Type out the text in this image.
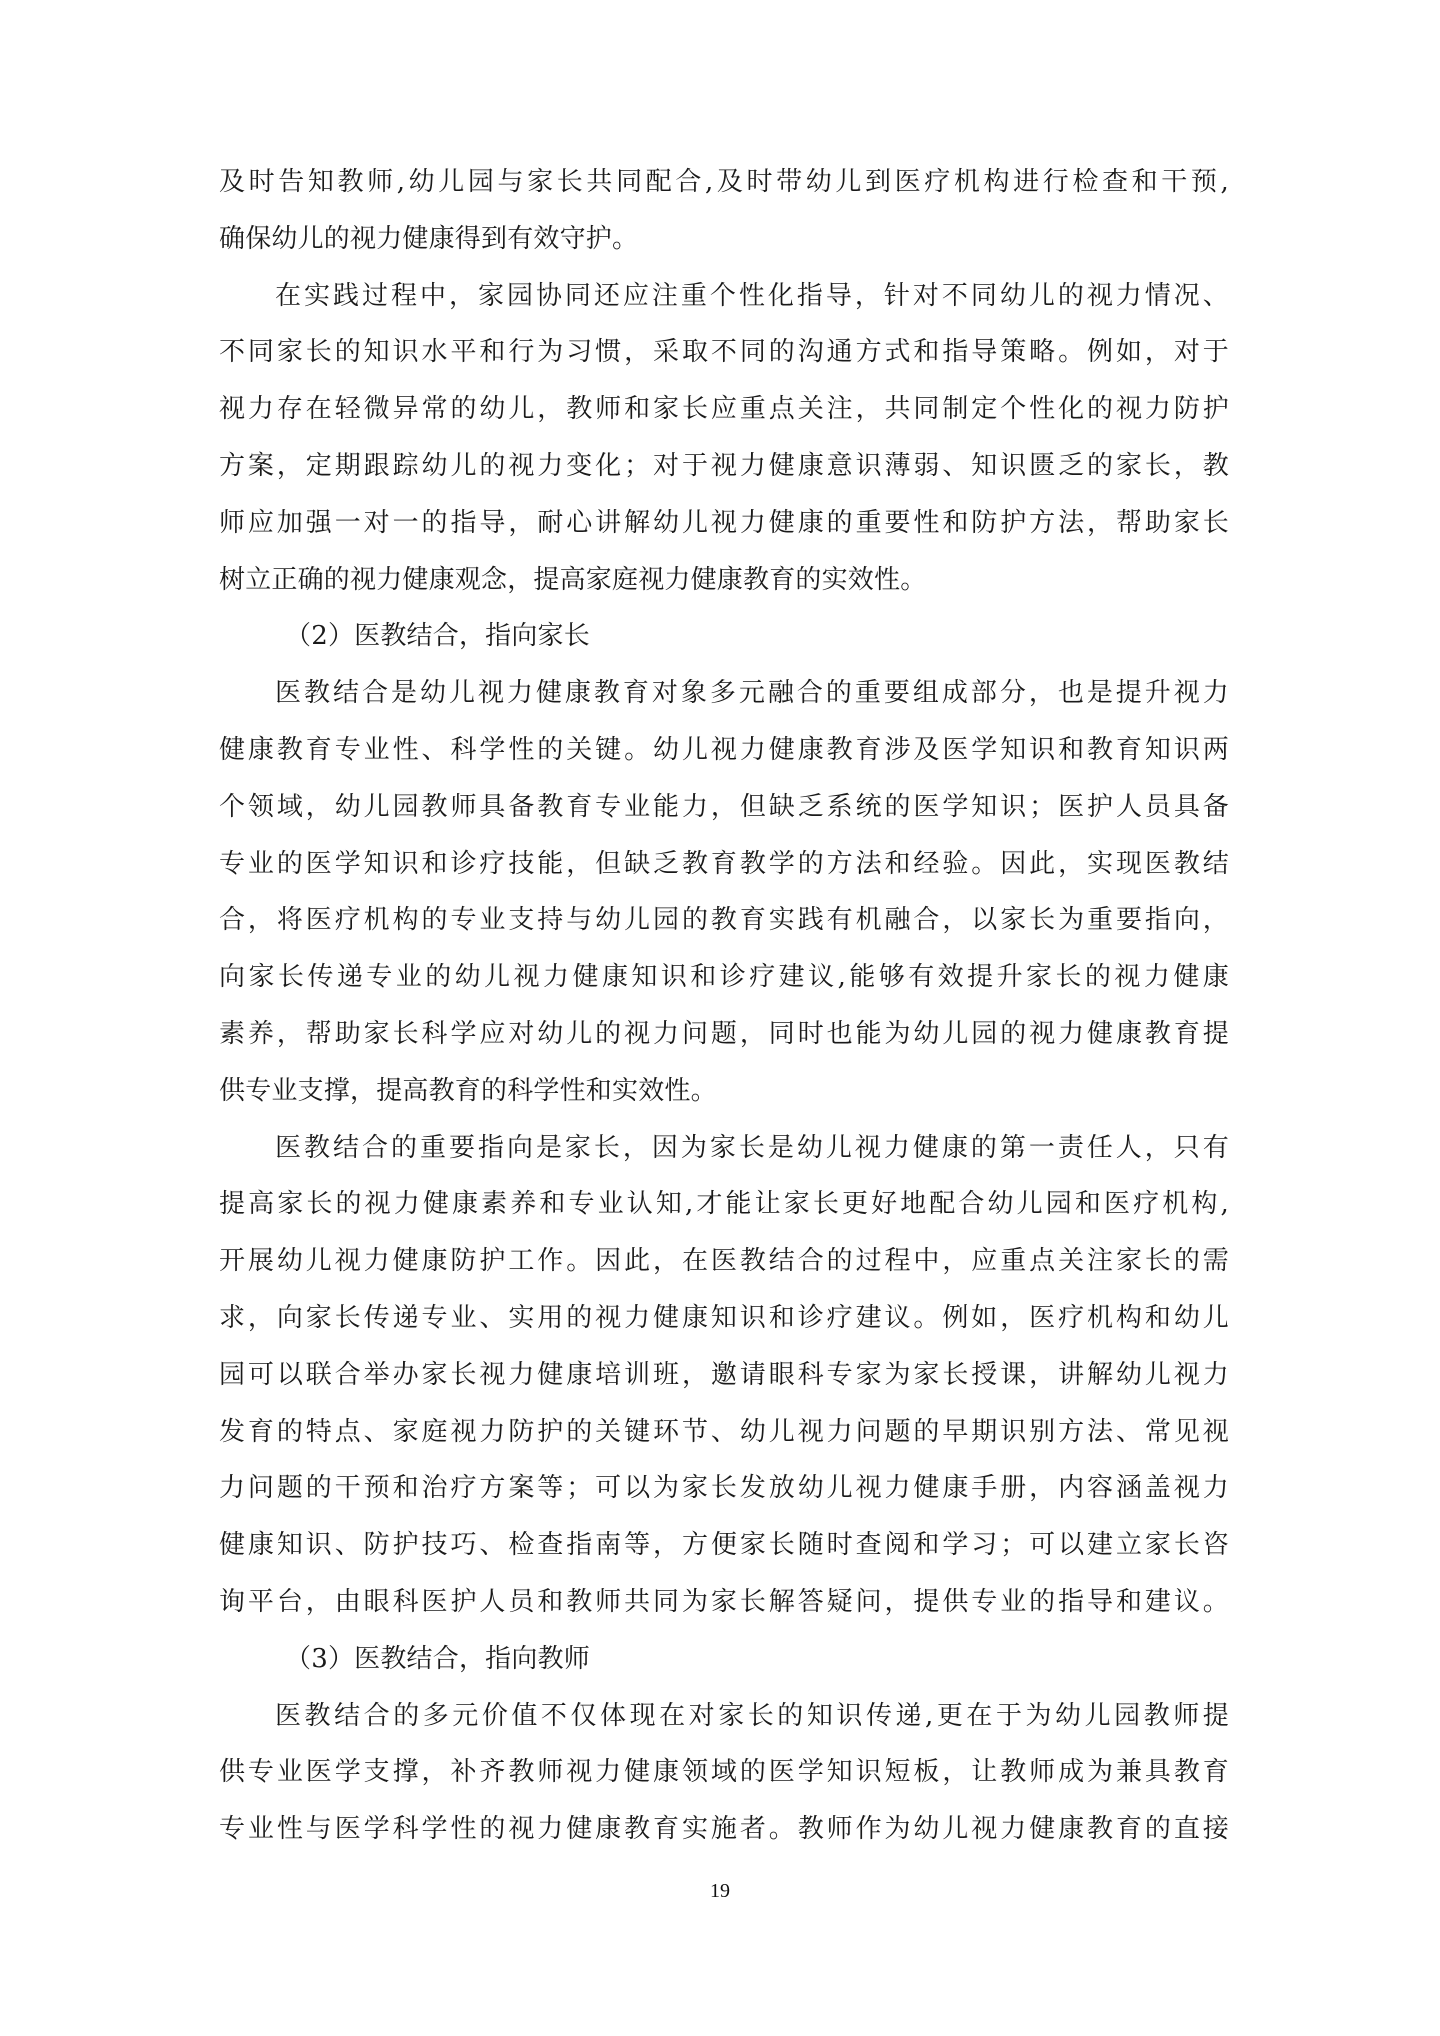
及时告知教师,幼儿园与家长共同配合,及时带幼儿到医疗机构进行检查和干预,
确保幼儿的视力健康得到有效守护。
在实践过程中，家园协同还应注重个性化指导，针对不同幼儿的视力情况、
不同家长的知识水平和行为习惯，采取不同的沟通方式和指导策略。例如，对于
视力存在轻微异常的幼儿，教师和家长应重点关注，共同制定个性化的视力防护
方案，定期跟踪幼儿的视力变化；对于视力健康意识薄弱、知识匮乏的家长，教
师应加强一对一的指导，耐心讲解幼儿视力健康的重要性和防护方法，帮助家长
树立正确的视力健康观念，提高家庭视力健康教育的实效性。
（2）医教结合，指向家长
医教结合是幼儿视力健康教育对象多元融合的重要组成部分，也是提升视力
健康教育专业性、科学性的关键。幼儿视力健康教育涉及医学知识和教育知识两
个领域，幼儿园教师具备教育专业能力，但缺乏系统的医学知识；医护人员具备
专业的医学知识和诊疗技能，但缺乏教育教学的方法和经验。因此，实现医教结
合，将医疗机构的专业支持与幼儿园的教育实践有机融合，以家长为重要指向，
向家长传递专业的幼儿视力健康知识和诊疗建议,能够有效提升家长的视力健康
素养，帮助家长科学应对幼儿的视力问题，同时也能为幼儿园的视力健康教育提
供专业支撑，提高教育的科学性和实效性。
医教结合的重要指向是家长，因为家长是幼儿视力健康的第一责任人，只有
提高家长的视力健康素养和专业认知,才能让家长更好地配合幼儿园和医疗机构,
开展幼儿视力健康防护工作。因此，在医教结合的过程中，应重点关注家长的需
求，向家长传递专业、实用的视力健康知识和诊疗建议。例如，医疗机构和幼儿
园可以联合举办家长视力健康培训班，邀请眼科专家为家长授课，讲解幼儿视力
发育的特点、家庭视力防护的关键环节、幼儿视力问题的早期识别方法、常见视
力问题的干预和治疗方案等；可以为家长发放幼儿视力健康手册，内容涵盖视力
健康知识、防护技巧、检查指南等，方便家长随时查阅和学习；可以建立家长咨
询平台，由眼科医护人员和教师共同为家长解答疑问，提供专业的指导和建议。
（3）医教结合，指向教师
医教结合的多元价值不仅体现在对家长的知识传递,更在于为幼儿园教师提
供专业医学支撑，补齐教师视力健康领域的医学知识短板，让教师成为兼具教育
专业性与医学科学性的视力健康教育实施者。教师作为幼儿视力健康教育的直接
19
